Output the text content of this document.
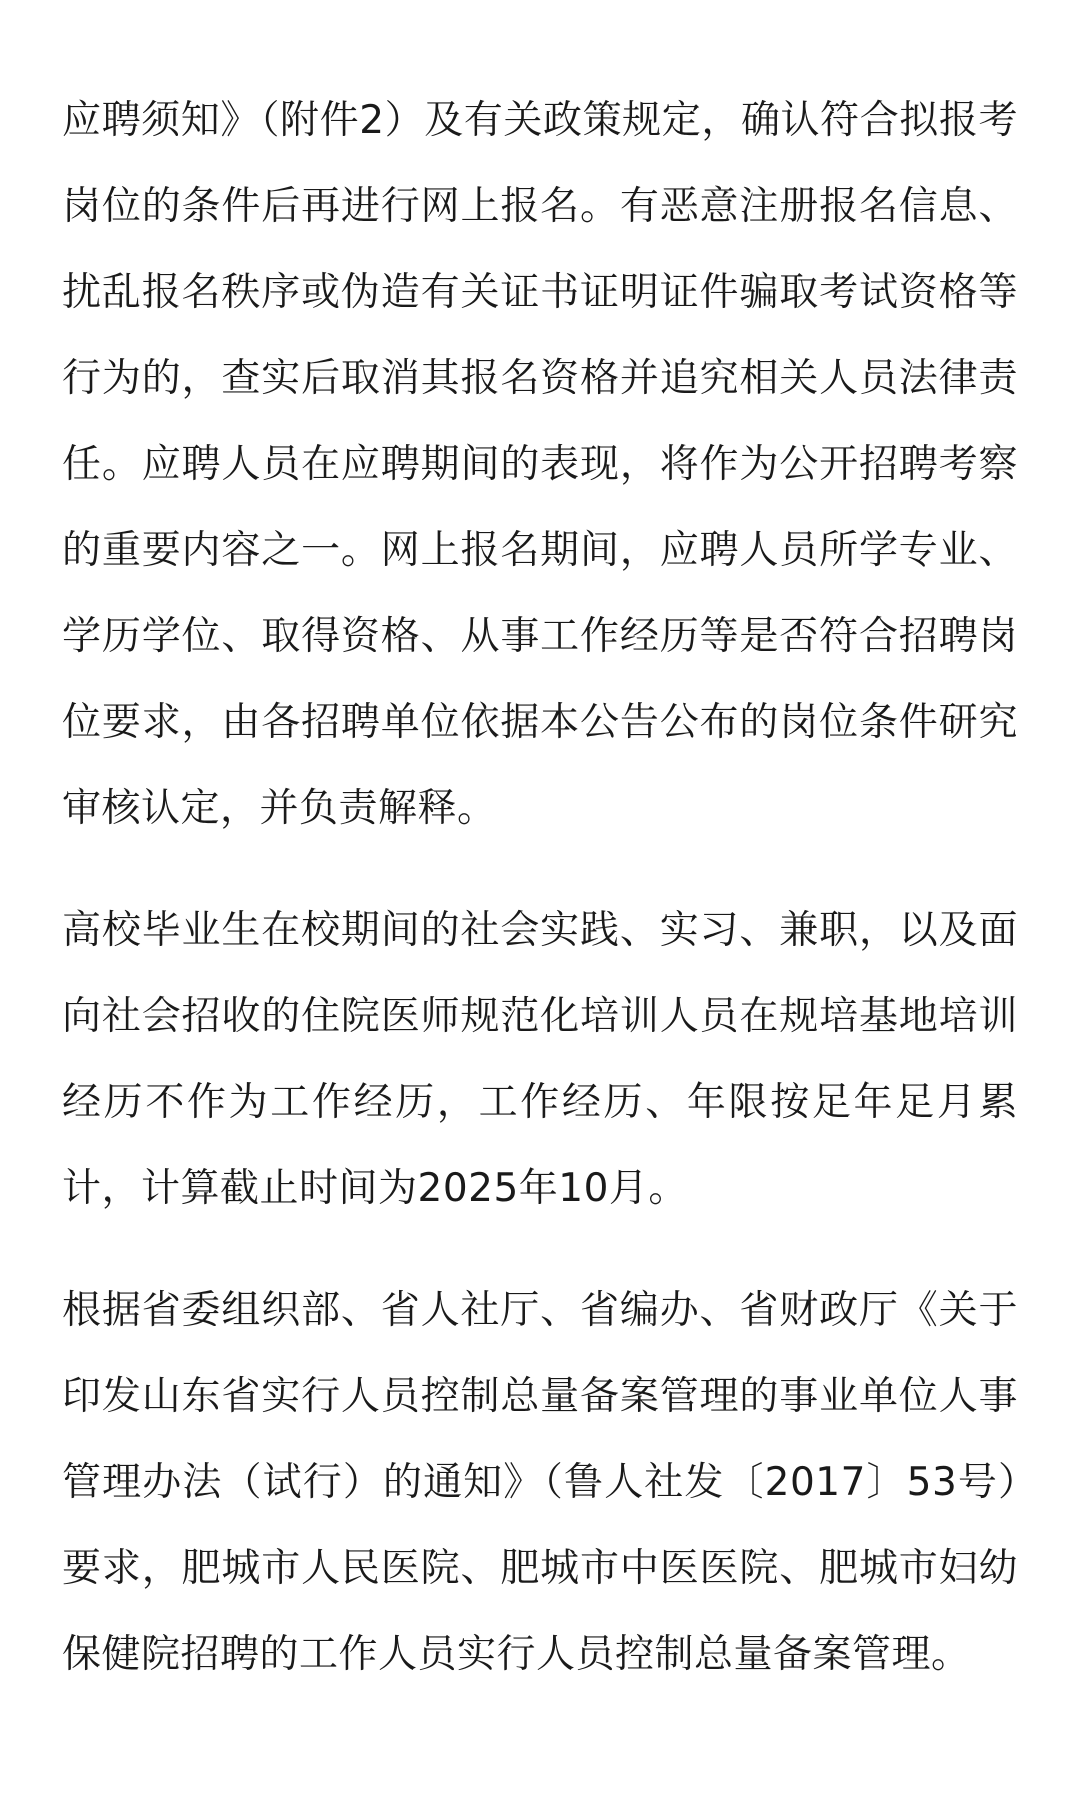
应聘须知》（附件2）及有关政策规定，确认符合拟报考岗位的条件后再进行网上报名。有恶意注册报名信息、扰乱报名秩序或伪造有关证书证明证件骗取考试资格等行为的，查实后取消其报名资格并追究相关人员法律责任。应聘人员在应聘期间的表现，将作为公开招聘考察的重要内容之一。网上报名期间，应聘人员所学专业、学历学位、取得资格、从事工作经历等是否符合招聘岗位要求，由各招聘单位依据本公告公布的岗位条件研究审核认定，并负责解释。

高校毕业生在校期间的社会实践、实习、兼职，以及面向社会招收的住院医师规范化培训人员在规培基地培训经历不作为工作经历，工作经历、年限按足年足月累计，计算截止时间为2025年10月。

根据省委组织部、省人社厅、省编办、省财政厅《关于印发山东省实行人员控制总量备案管理的事业单位人事管理办法（试行）的通知》（鲁人社发〔2017〕53号）要求，肥城市人民医院、肥城市中医医院、肥城市妇幼保健院招聘的工作人员实行人员控制总量备案管理。
